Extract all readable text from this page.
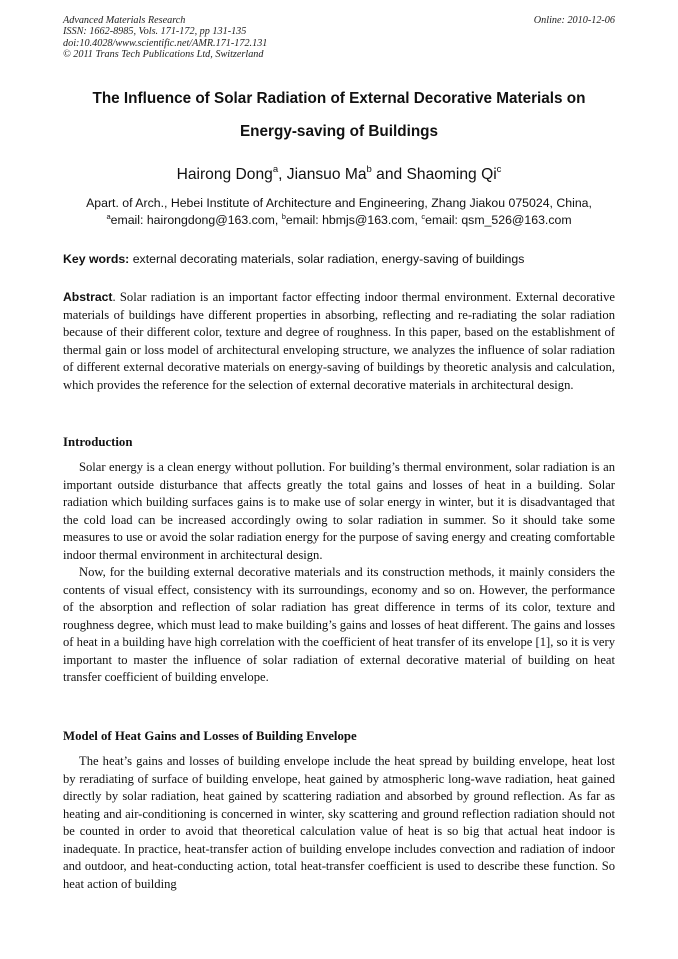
Advanced Materials Research
ISSN: 1662-8985, Vols. 171-172, pp 131-135
doi:10.4028/www.scientific.net/AMR.171-172.131
© 2011 Trans Tech Publications Ltd, Switzerland
Online: 2010-12-06
The Influence of Solar Radiation of External Decorative Materials on
Energy-saving of Buildings
Hairong Dong$^a$, Jiansuo Ma$^b$ and Shaoming Qi$^c$
Apart. of Arch., Hebei Institute of Architecture and Engineering, Zhang Jiakou 075024, China,
$^a$email: hairongdong@163.com, $^b$email: hbmjs@163.com, $^c$email: qsm_526@163.com
Key words: external decorating materials, solar radiation, energy-saving of buildings
Abstract. Solar radiation is an important factor effecting indoor thermal environment. External decorative materials of buildings have different properties in absorbing, reflecting and re-radiating the solar radiation because of their different color, texture and degree of roughness. In this paper, based on the establishment of thermal gain or loss model of architectural enveloping structure, we analyzes the influence of solar radiation of different external decorative materials on energy-saving of buildings by theoretic analysis and calculation, which provides the reference for the selection of external decorative materials in architectural design.
Introduction
Solar energy is a clean energy without pollution. For building’s thermal environment, solar radiation is an important outside disturbance that affects greatly the total gains and losses of heat in a building. Solar radiation which building surfaces gains is to make use of solar energy in winter, but it is disadvantaged that the cold load can be increased accordingly owing to solar radiation in summer. So it should take some measures to use or avoid the solar radiation energy for the purpose of saving energy and creating comfortable indoor thermal environment in architectural design.
Now, for the building external decorative materials and its construction methods, it mainly considers the contents of visual effect, consistency with its surroundings, economy and so on. However, the performance of the absorption and reflection of solar radiation has great difference in terms of its color, texture and roughness degree, which must lead to make building’s gains and losses of heat different. The gains and losses of heat in a building have high correlation with the coefficient of heat transfer of its envelope [1], so it is very important to master the influence of solar radiation of external decorative material of building on heat transfer coefficient of building envelope.
Model of Heat Gains and Losses of Building Envelope
The heat’s gains and losses of building envelope include the heat spread by building envelope, heat lost by reradiating of surface of building envelope, heat gained by atmospheric long-wave radiation, heat gained directly by solar radiation, heat gained by scattering radiation and absorbed by ground reflection. As far as heating and air-conditioning is concerned in winter, sky scattering and ground reflection radiation should not be counted in order to avoid that theoretical calculation value of heat is so big that actual heat indoor is inadequate. In practice, heat-transfer action of building envelope includes convection and radiation of indoor and outdoor, and heat-conducting action, total heat-transfer coefficient is used to describe these function. So heat action of building
